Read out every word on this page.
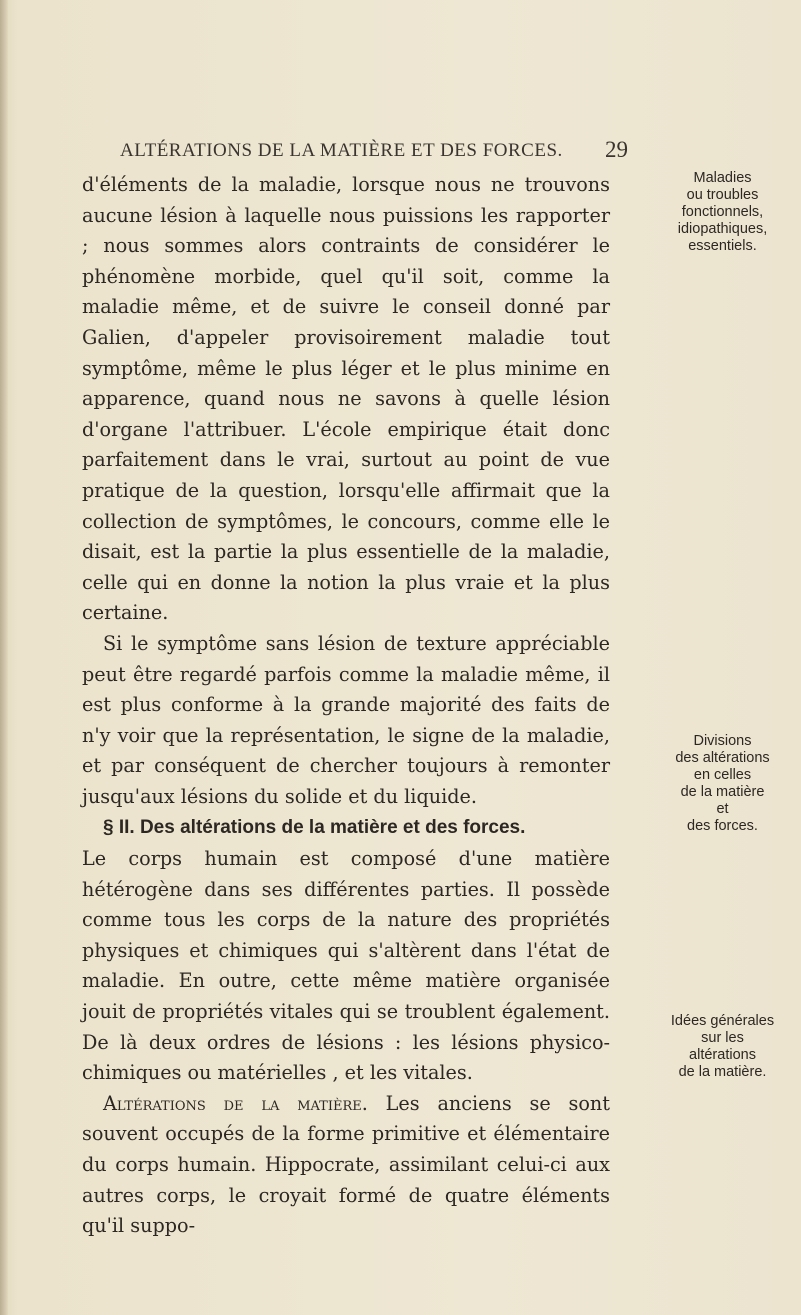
ALTÉRATIONS DE LA MATIÈRE ET DES FORCES.	29

d'éléments de la maladie, lorsque nous ne trouvons aucune lésion à laquelle nous puissions les rapporter ; nous sommes alors contraints de considérer le phénomène morbide, quel qu'il soit, comme la maladie même, et de suivre le conseil donné par Galien, d'appeler provisoirement maladie tout symptôme, même le plus léger et le plus minime en apparence, quand nous ne savons à quelle lésion d'organe l'attribuer. L'école empirique était donc parfaitement dans le vrai, surtout au point de vue pratique de la question, lorsqu'elle affirmait que la collection de symptômes, le concours, comme elle le disait, est la partie la plus essentielle de la maladie, celle qui en donne la notion la plus vraie et la plus certaine.

Si le symptôme sans lésion de texture appréciable peut être regardé parfois comme la maladie même, il est plus conforme à la grande majorité des faits de n'y voir que la représentation, le signe de la maladie, et par conséquent de chercher toujours à remonter jusqu'aux lésions du solide et du liquide.

§ II. Des altérations de la matière et des forces.

Le corps humain est composé d'une matière hétérogène dans ses différentes parties. Il possède comme tous les corps de la nature des propriétés physiques et chimiques qui s'altèrent dans l'état de maladie. En outre, cette même matière organisée jouit de propriétés vitales qui se troublent également. De là deux ordres de lésions : les lésions physico-chimiques ou matérielles , et les vitales.

Altérations de la matière. Les anciens se sont souvent occupés de la forme primitive et élémentaire du corps humain. Hippocrate, assimilant celui-ci aux autres corps, le croyait formé de quatre éléments qu'il suppo-

Maladies
ou troubles
fonctionnels,
idiopathiques,
essentiels.
Divisions
des altérations
en celles
de la matière
et
des forces.
Idées générales
sur les
altérations
de la matière.
